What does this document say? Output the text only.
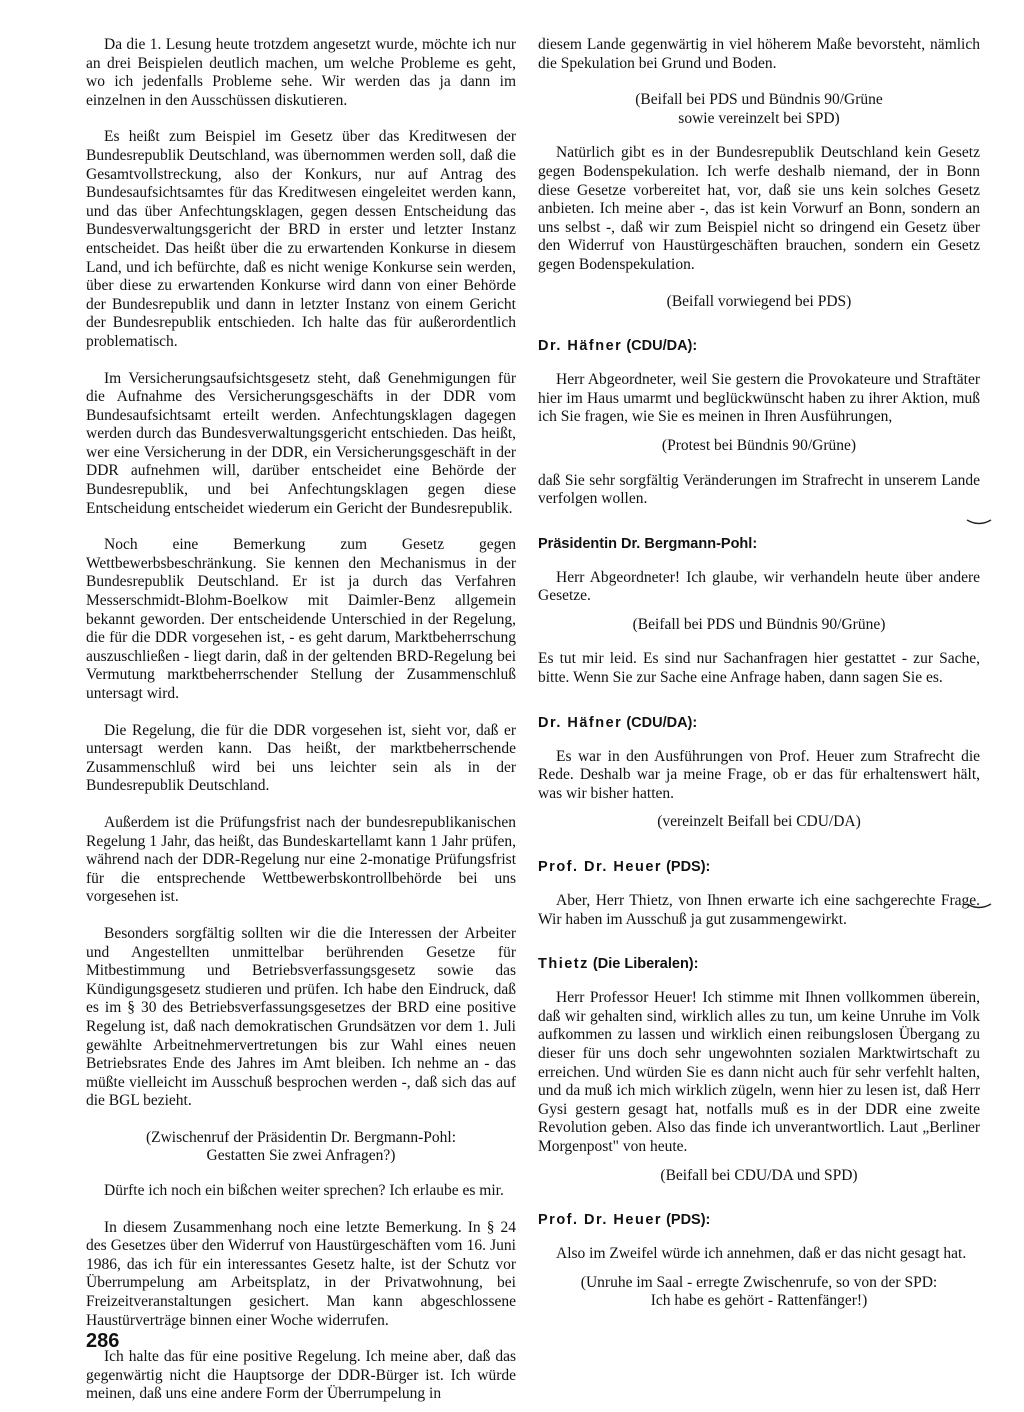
Da die 1. Lesung heute trotzdem angesetzt wurde, möchte ich nur an drei Beispielen deutlich machen, um welche Probleme es geht, wo ich jedenfalls Probleme sehe. Wir werden das ja dann im einzelnen in den Ausschüssen diskutieren.

Es heißt zum Beispiel im Gesetz über das Kreditwesen der Bundesrepublik Deutschland, was übernommen werden soll, daß die Gesamtvollstreckung, also der Konkurs, nur auf Antrag des Bundesaufsichtsamtes für das Kreditwesen eingeleitet werden kann, und das über Anfechtungsklagen, gegen dessen Entscheidung das Bundesverwaltungsgericht der BRD in erster und letzter Instanz entscheidet. Das heißt über die zu erwartenden Konkurse in diesem Land, und ich befürchte, daß es nicht wenige Konkurse sein werden, über diese zu erwartenden Konkurse wird dann von einer Behörde der Bundesrepublik und dann in letzter Instanz von einem Gericht der Bundesrepublik entschieden. Ich halte das für außerordentlich problematisch.

Im Versicherungsaufsichtsgesetz steht, daß Genehmigungen für die Aufnahme des Versicherungsgeschäfts in der DDR vom Bundesaufsichtsamt erteilt werden. Anfechtungsklagen dagegen werden durch das Bundesverwaltungsgericht entschieden. Das heißt, wer eine Versicherung in der DDR, ein Versicherungsgeschäft in der DDR aufnehmen will, darüber entscheidet eine Behörde der Bundesrepublik, und bei Anfechtungsklagen gegen diese Entscheidung entscheidet wiederum ein Gericht der Bundesrepublik.

Noch eine Bemerkung zum Gesetz gegen Wettbewerbsbeschränkung. Sie kennen den Mechanismus in der Bundesrepublik Deutschland. Er ist ja durch das Verfahren Messerschmidt-Blohm-Boelkow mit Daimler-Benz allgemein bekannt geworden. Der entscheidende Unterschied in der Regelung, die für die DDR vorgesehen ist, - es geht darum, Marktbeherrschung auszuschließen - liegt darin, daß in der geltenden BRD-Regelung bei Vermutung marktbeherrschender Stellung der Zusammenschluß untersagt wird.

Die Regelung, die für die DDR vorgesehen ist, sieht vor, daß er untersagt werden kann. Das heißt, der marktbeherrschende Zusammenschluß wird bei uns leichter sein als in der Bundesrepublik Deutschland.

Außerdem ist die Prüfungsfrist nach der bundesrepublikanischen Regelung 1 Jahr, das heißt, das Bundeskartellamt kann 1 Jahr prüfen, während nach der DDR-Regelung nur eine 2-monatige Prüfungsfrist für die entsprechende Wettbewerbskontrollbehörde bei uns vorgesehen ist.

Besonders sorgfältig sollten wir die die Interessen der Arbeiter und Angestellten unmittelbar berührenden Gesetze für Mitbestimmung und Betriebsverfassungsgesetz sowie das Kündigungsgesetz studieren und prüfen. Ich habe den Eindruck, daß es im § 30 des Betriebsverfassungsgesetzes der BRD eine positive Regelung ist, daß nach demokratischen Grundsätzen vor dem 1. Juli gewählte Arbeitnehmervertretungen bis zur Wahl eines neuen Betriebsrates Ende des Jahres im Amt bleiben. Ich nehme an - das müßte vielleicht im Ausschuß besprochen werden -, daß sich das auf die BGL bezieht.

(Zwischenruf der Präsidentin Dr. Bergmann-Pohl:
Gestatten Sie zwei Anfragen?)

Dürfte ich noch ein bißchen weiter sprechen? Ich erlaube es mir.

In diesem Zusammenhang noch eine letzte Bemerkung. In § 24 des Gesetzes über den Widerruf von Haustürgeschäften vom 16. Juni 1986, das ich für ein interessantes Gesetz halte, ist der Schutz vor Überrumpelung am Arbeitsplatz, in der Privatwohnung, bei Freizeitveranstaltungen gesichert. Man kann abgeschlossene Haustürverträge binnen einer Woche widerrufen.

Ich halte das für eine positive Regelung. Ich meine aber, daß das gegenwärtig nicht die Hauptsorge der DDR-Bürger ist. Ich würde meinen, daß uns eine andere Form der Überrumpelung in

diesem Lande gegenwärtig in viel höherem Maße bevorsteht, nämlich die Spekulation bei Grund und Boden.

(Beifall bei PDS und Bündnis 90/Grüne
sowie vereinzelt bei SPD)

Natürlich gibt es in der Bundesrepublik Deutschland kein Gesetz gegen Bodenspekulation. Ich werfe deshalb niemand, der in Bonn diese Gesetze vorbereitet hat, vor, daß sie uns kein solches Gesetz anbieten. Ich meine aber -, das ist kein Vorwurf an Bonn, sondern an uns selbst -, daß wir zum Beispiel nicht so dringend ein Gesetz über den Widerruf von Haustürgeschäften brauchen, sondern ein Gesetz gegen Bodenspekulation.

(Beifall vorwiegend bei PDS)
Dr. Häfner (CDU/DA):

Herr Abgeordneter, weil Sie gestern die Provokateure und Straftäter hier im Haus umarmt und beglückwünscht haben zu ihrer Aktion, muß ich Sie fragen, wie Sie es meinen in Ihren Ausführungen,

(Protest bei Bündnis 90/Grüne)

daß Sie sehr sorgfältig Veränderungen im Strafrecht in unserem Lande verfolgen wollen.

Präsidentin Dr. Bergmann-Pohl:

Herr Abgeordneter! Ich glaube, wir verhandeln heute über andere Gesetze.

(Beifall bei PDS und Bündnis 90/Grüne)

Es tut mir leid. Es sind nur Sachanfragen hier gestattet - zur Sache, bitte. Wenn Sie zur Sache eine Anfrage haben, dann sagen Sie es.

Dr. Häfner (CDU/DA):

Es war in den Ausführungen von Prof. Heuer zum Strafrecht die Rede. Deshalb war ja meine Frage, ob er das für erhaltenswert hält, was wir bisher hatten.

(vereinzelt Beifall bei CDU/DA)
Prof. Dr. Heuer (PDS):

Aber, Herr Thietz, von Ihnen erwarte ich eine sachgerechte Frage. Wir haben im Ausschuß ja gut zusammengewirkt.

Thietz (Die Liberalen):

Herr Professor Heuer! Ich stimme mit Ihnen vollkommen überein, daß wir gehalten sind, wirklich alles zu tun, um keine Unruhe im Volk aufkommen zu lassen und wirklich einen reibungslosen Übergang zu dieser für uns doch sehr ungewohnten sozialen Marktwirtschaft zu erreichen. Und würden Sie es dann nicht auch für sehr verfehlt halten, und da muß ich mich wirklich zügeln, wenn hier zu lesen ist, daß Herr Gysi gestern gesagt hat, notfalls muß es in der DDR eine zweite Revolution geben. Also das finde ich unverantwortlich. Laut „Berliner Morgenpost" von heute.

(Beifall bei CDU/DA und SPD)
Prof. Dr. Heuer (PDS):

Also im Zweifel würde ich annehmen, daß er das nicht gesagt hat.

(Unruhe im Saal - erregte Zwischenrufe, so von der SPD:
Ich habe es gehört - Rattenfänger!)
286
